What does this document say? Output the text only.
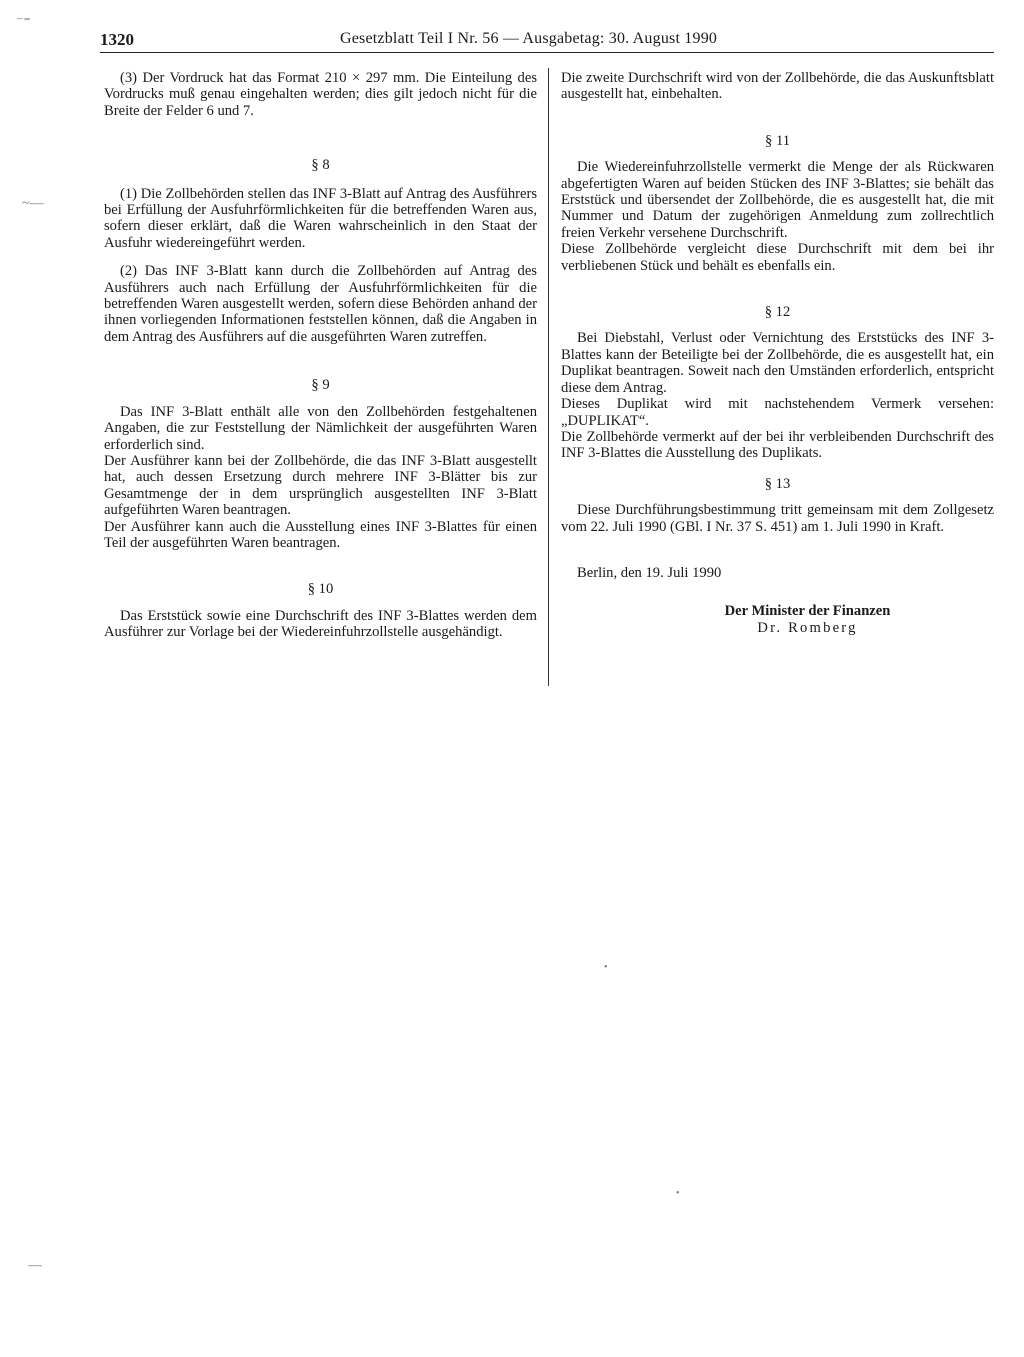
1320	Gesetzblatt Teil I Nr. 56 — Ausgabetag: 30. August 1990

(3) Der Vordruck hat das Format 210 × 297 mm. Die Einteilung des Vordrucks muß genau eingehalten werden; dies gilt jedoch nicht für die Breite der Felder 6 und 7.

§ 8

(1) Die Zollbehörden stellen das INF 3-Blatt auf Antrag des Ausführers bei Erfüllung der Ausfuhrförmlichkeiten für die betreffenden Waren aus, sofern dieser erklärt, daß die Waren wahrscheinlich in den Staat der Ausfuhr wiedereingeführt werden.

(2) Das INF 3-Blatt kann durch die Zollbehörden auf Antrag des Ausführers auch nach Erfüllung der Ausfuhrförmlichkeiten für die betreffenden Waren ausgestellt werden, sofern diese Behörden anhand der ihnen vorliegenden Informationen feststellen können, daß die Angaben in dem Antrag des Ausführers auf die ausgeführten Waren zutreffen.

§ 9

Das INF 3-Blatt enthält alle von den Zollbehörden festgehaltenen Angaben, die zur Feststellung der Nämlichkeit der ausgeführten Waren erforderlich sind.

Der Ausführer kann bei der Zollbehörde, die das INF 3-Blatt ausgestellt hat, auch dessen Ersetzung durch mehrere INF 3-Blätter bis zur Gesamtmenge der in dem ursprünglich ausgestellten INF 3-Blatt aufgeführten Waren beantragen.

Der Ausführer kann auch die Ausstellung eines INF 3-Blattes für einen Teil der ausgeführten Waren beantragen.

§ 10

Das Erststück sowie eine Durchschrift des INF 3-Blattes werden dem Ausführer zur Vorlage bei der Wiedereinfuhrzollstelle ausgehändigt.

Die zweite Durchschrift wird von der Zollbehörde, die das Auskunftsblatt ausgestellt hat, einbehalten.

§ 11

Die Wiedereinfuhrzollstelle vermerkt die Menge der als Rückwaren abgefertigten Waren auf beiden Stücken des INF 3-Blattes; sie behält das Erststück und übersendet der Zollbehörde, die es ausgestellt hat, die mit Nummer und Datum der zugehörigen Anmeldung zum zollrechtlich freien Verkehr versehene Durchschrift.

Diese Zollbehörde vergleicht diese Durchschrift mit dem bei ihr verbliebenen Stück und behält es ebenfalls ein.

§ 12

Bei Diebstahl, Verlust oder Vernichtung des Erststücks des INF 3-Blattes kann der Beteiligte bei der Zollbehörde, die es ausgestellt hat, ein Duplikat beantragen. Soweit nach den Umständen erforderlich, entspricht diese dem Antrag.

Dieses Duplikat wird mit nachstehendem Vermerk versehen: „DUPLIKAT“.

Die Zollbehörde vermerkt auf der bei ihr verbleibenden Durchschrift des INF 3-Blattes die Ausstellung des Duplikats.

§ 13

Diese Durchführungsbestimmung tritt gemeinsam mit dem Zollgesetz vom 22. Juli 1990 (GBl. I Nr. 37 S. 451) am 1. Juli 1990 in Kraft.

Berlin, den 19. Juli 1990

Der Minister der Finanzen

Dr. Romberg

⁻⁼
~—
—
•
•
